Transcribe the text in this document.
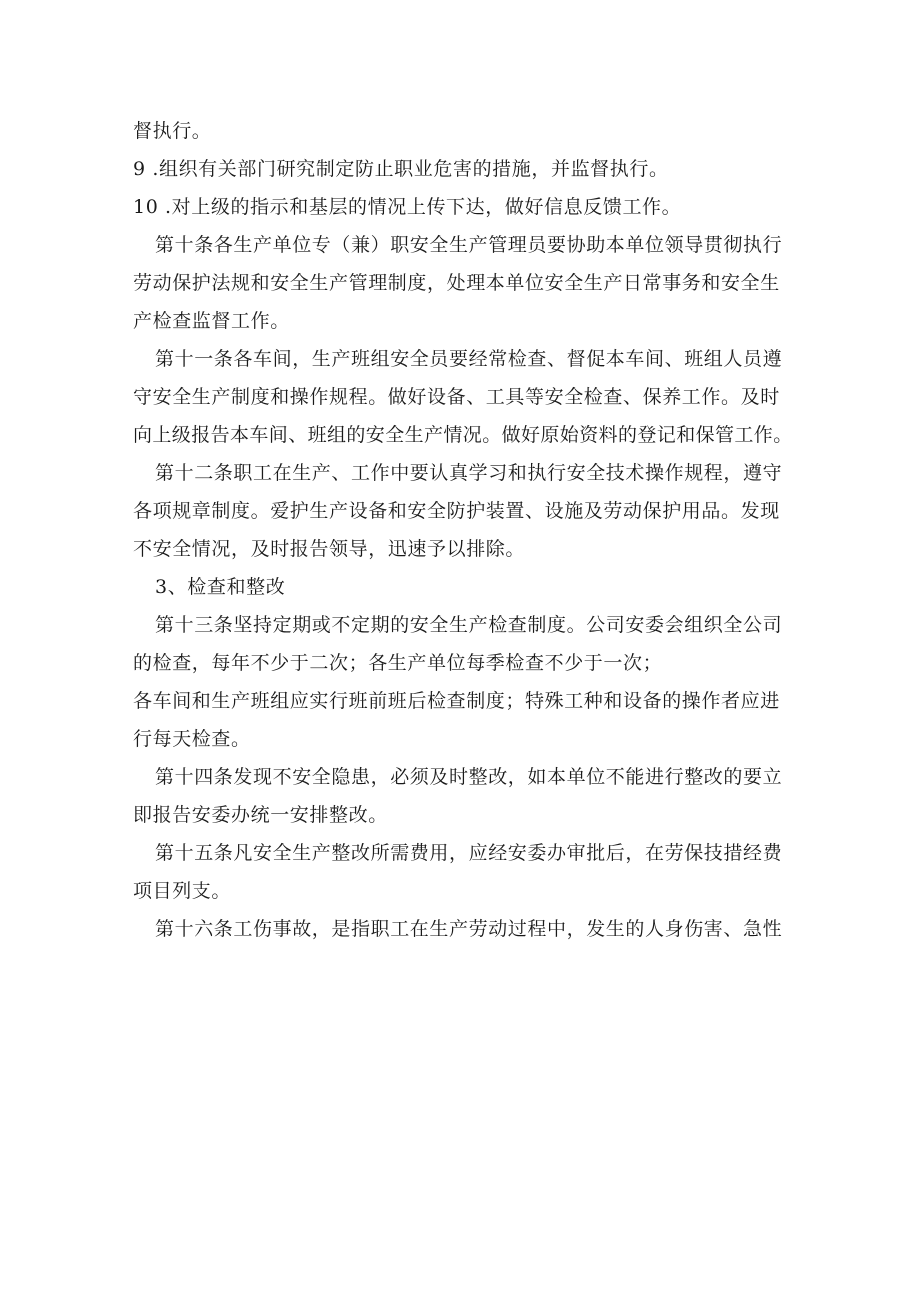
督执行。
9 .组织有关部门研究制定防止职业危害的措施，并监督执行。
10 .对上级的指示和基层的情况上传下达，做好信息反馈工作。
第十条各生产单位专（兼）职安全生产管理员要协助本单位领导贯彻执行
劳动保护法规和安全生产管理制度，处理本单位安全生产日常事务和安全生
产检查监督工作。
第十一条各车间，生产班组安全员要经常检查、督促本车间、班组人员遵
守安全生产制度和操作规程。做好设备、工具等安全检查、保养工作。及时
向上级报告本车间、班组的安全生产情况。做好原始资料的登记和保管工作。
第十二条职工在生产、工作中要认真学习和执行安全技术操作规程，遵守
各项规章制度。爱护生产设备和安全防护装置、设施及劳动保护用品。发现
不安全情况，及时报告领导，迅速予以排除。
3、检查和整改
第十三条坚持定期或不定期的安全生产检查制度。公司安委会组织全公司
的检查，每年不少于二次；各生产单位每季检查不少于一次；
各车间和生产班组应实行班前班后检查制度；特殊工种和设备的操作者应进
行每天检查。
第十四条发现不安全隐患，必须及时整改，如本单位不能进行整改的要立
即报告安委办统一安排整改。
第十五条凡安全生产整改所需费用，应经安委办审批后，在劳保技措经费
项目列支。
第十六条工伤事故，是指职工在生产劳动过程中，发生的人身伤害、急性
